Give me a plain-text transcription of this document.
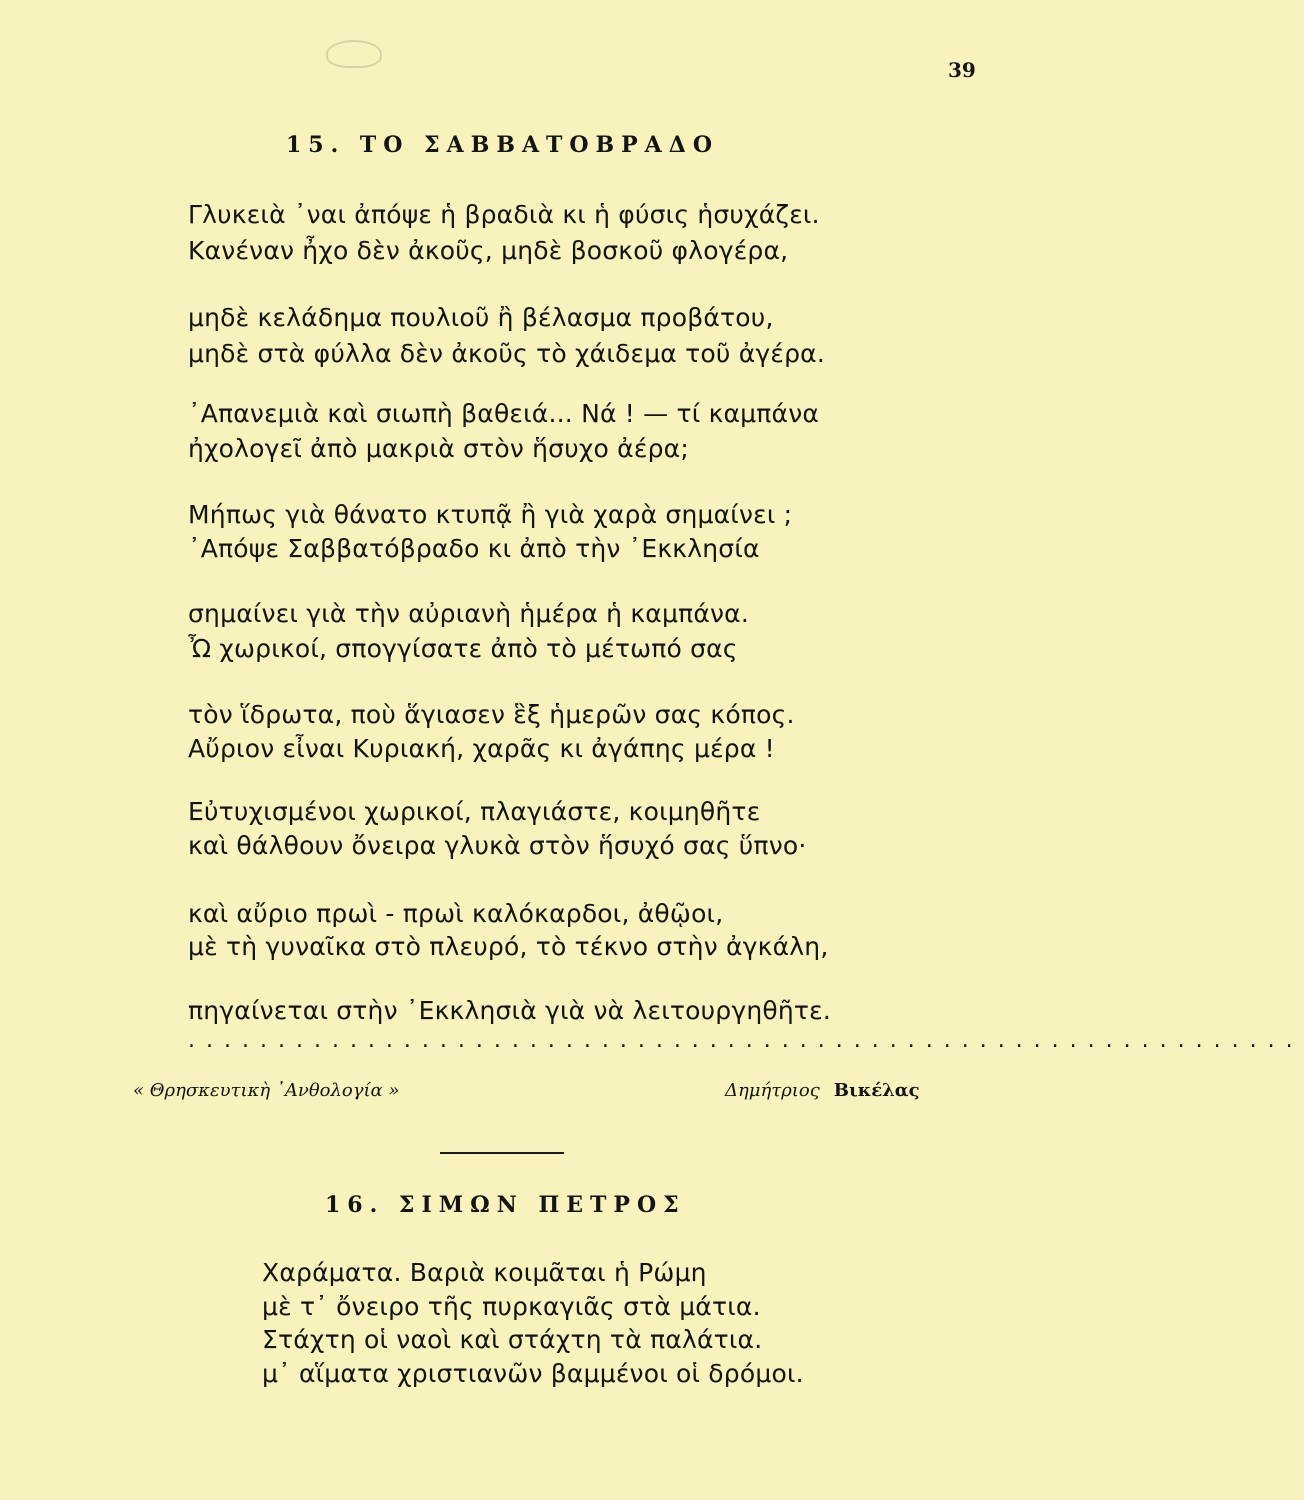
39
15. ΤΟ ΣΑΒΒΑΤΟΒΡΑΔΟ
Γλυκειὰ ᾽ναι ἀπόψε ἡ βραδιὰ κι ἡ φύσις ἡσυχάζει.
Κανέναν ἦχο δὲν ἀκοῦς, μηδὲ βοσκοῦ φλογέρα,
μηδὲ κελάδημα πουλιοῦ ἢ βέλασμα προβάτου,
μηδὲ στὰ φύλλα δὲν ἀκοῦς τὸ χάιδεμα τοῦ ἀγέρα.
᾽Απανεμιὰ καὶ σιωπὴ βαθειά... Νά ! — τί καμπάνα
ἠχολογεῖ ἀπὸ μακριὰ στὸν ἥσυχο ἀέρα;
Μήπως γιὰ θάνατο κτυπᾷ ἢ γιὰ χαρὰ σημαίνει ;
᾽Απόψε Σαββατόβραδο κι ἀπὸ τὴν ᾽Εκκλησία
σημαίνει γιὰ τὴν αὐριανὴ ἡμέρα ἡ καμπάνα.
Ὦ χωρικοί, σπογγίσατε ἀπὸ τὸ μέτωπό σας
τὸν ἵδρωτα, ποὺ ἅγιασεν ἓξ ἡμερῶν σας κόπος.
Αὔριον εἶναι Κυριακή, χαρᾶς κι ἀγάπης μέρα !
Εὐτυχισμένοι χωρικοί, πλαγιάστε, κοιμηθῆτε
καὶ θάλθουν ὄνειρα γλυκὰ στὸν ἥσυχό σας ὕπνο·
καὶ αὔριο πρωὶ - πρωὶ καλόκαρδοι, ἀθῷοι,
μὲ τὴ γυναῖκα στὸ πλευρό, τὸ τέκνο στὴν ἀγκάλη,
πηγαίνεται στὴν ᾽Εκκλησιὰ γιὰ νὰ λειτουργηθῆτε.
..............................................................
« Θρησκευτικὴ ᾽Ανθολογία »	Δημήτριος Βικέλας
16. ΣΙΜΩΝ ΠΕΤΡΟΣ
Χαράματα. Βαριὰ κοιμᾶται ἡ Ρώμη
μὲ τ᾽ ὄνειρο τῆς πυρκαγιᾶς στὰ μάτια.
Στάχτη οἱ ναοὶ καὶ στάχτη τὰ παλάτια.
μ᾽ αἵματα χριστιανῶν βαμμένοι οἱ δρόμοι.
